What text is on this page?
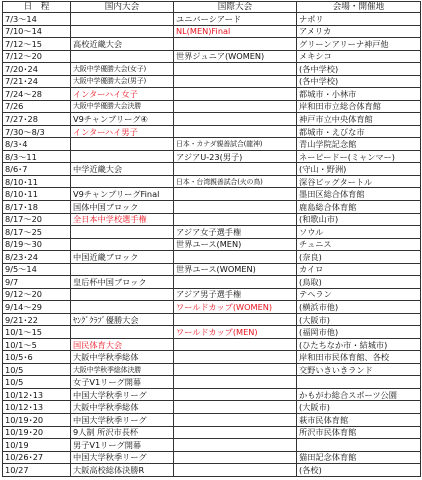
日　程	国内大会	国際大会	会場・開催地
7/3～14		ユニバーシアード	ナポリ
7/10～14		NL(MEN)Final	アメリカ
7/12～15	高校近畿大会		グリーンアリーナ神戸他
7/12～20		世界ジュニア(WOMEN)	メキシコ
7/20･24	大阪中学優勝大会(女子)		(各中学校)
7/21･24	大阪中学優勝大会(男子)		(各中学校)
7/24～28	インターハイ女子		都城市・小林市
7/26	大阪中学優勝大会決勝		岸和田市立総合体育館
7/27･28	V9チャンプリーグ④		神戸市立中央体育館
7/30～8/3	インターハイ男子		都城市・えびな市
8/3･4		日本・カナダ親善試合(龍神)	青山学院記念館
8/3～11		アジアU-23(男子)	ネーピードー(ミャンマー)
8/6･7	中学近畿大会		(守山・野洲)
8/10･11		日本・台湾親善試合(火の鳥)	深谷ビッグタートル
8/10･11	V9チャンプリーグFinal		墨田区総合体育館
8/17･18	国体中国ブロック		鹿島総合体育館
8/17～20	全日本中学校選手権		(和歌山市)
8/17～25		アジア女子選手権	ソウル
8/19～30		世界ユース(MEN)	チュニス
8/23･24	中国近畿ブロック		(奈良)
9/5～14		世界ユース(WOMEN)	カイロ
9/7	皇后杯中国ブロック		(鳥取)
9/12～20		アジア男子選手権	テヘラン
9/14～29		ワールドカップ(WOMEN)	(横浜市他)
9/21･22	ﾔﾝｸﾞｸﾗﾌﾞ優勝大会		(大阪市)
10/1～15		ワールドカップ(MEN)	(福岡市他)
10/1～5	国民体育大会		(ひたちなか市・結城市)
10/5･6	大阪中学秋季総体		岸和田市民体育館、各校
10/5	大阪中学秋季総体決勝		交野いきいきランド
10/5	女子V1リーグ開幕		
10/12･13	中国大学秋季リーグ		かもがわ総合スポーツ公園
10/12･13	大阪中学秋季総体		(大阪市)
10/19･20	中国大学秋季リーグ		萩市民体育館
10/19･20	9人制 所沢市長杯		所沢市民体育館
10/19	男子V1リーグ開幕		
10/26･27	中国大学秋季リーグ		猫田記念体育館
10/27	大阪高校総体決勝R		(各校)
